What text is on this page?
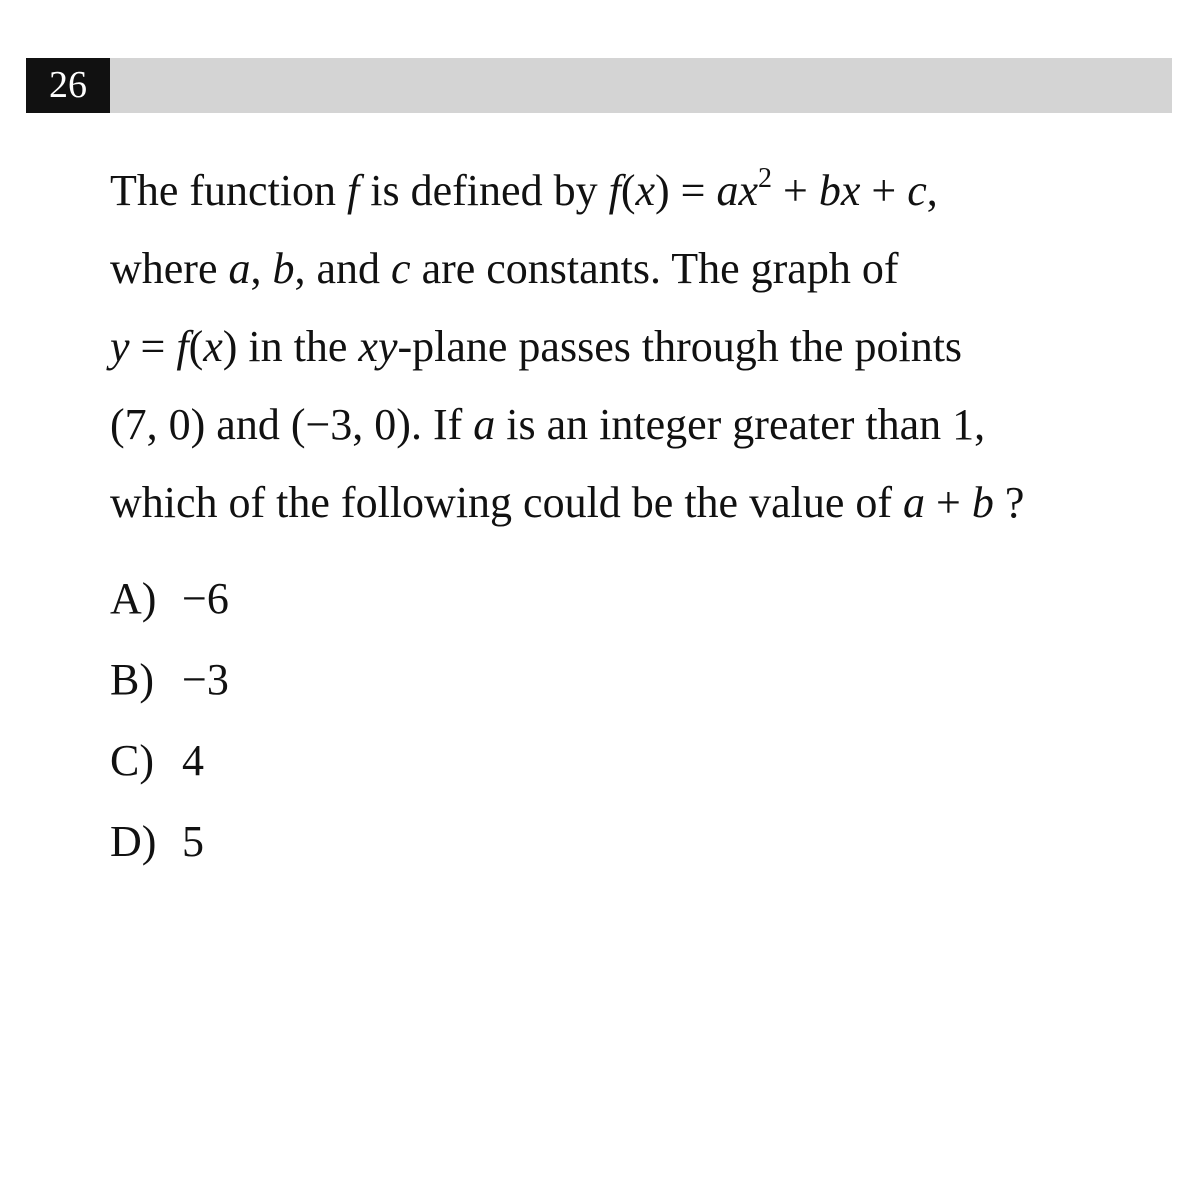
26
The function f is defined by $f(x) = ax^2$ + bx + c,
where a, b, and c are constants. The graph of
y = f(x) in the xy-plane passes through the points
(7, 0) and (−3, 0). If a is an integer greater than 1,
which of the following could be the value of a + b ?
A) −6
B) −3
C) 4
D) 5
